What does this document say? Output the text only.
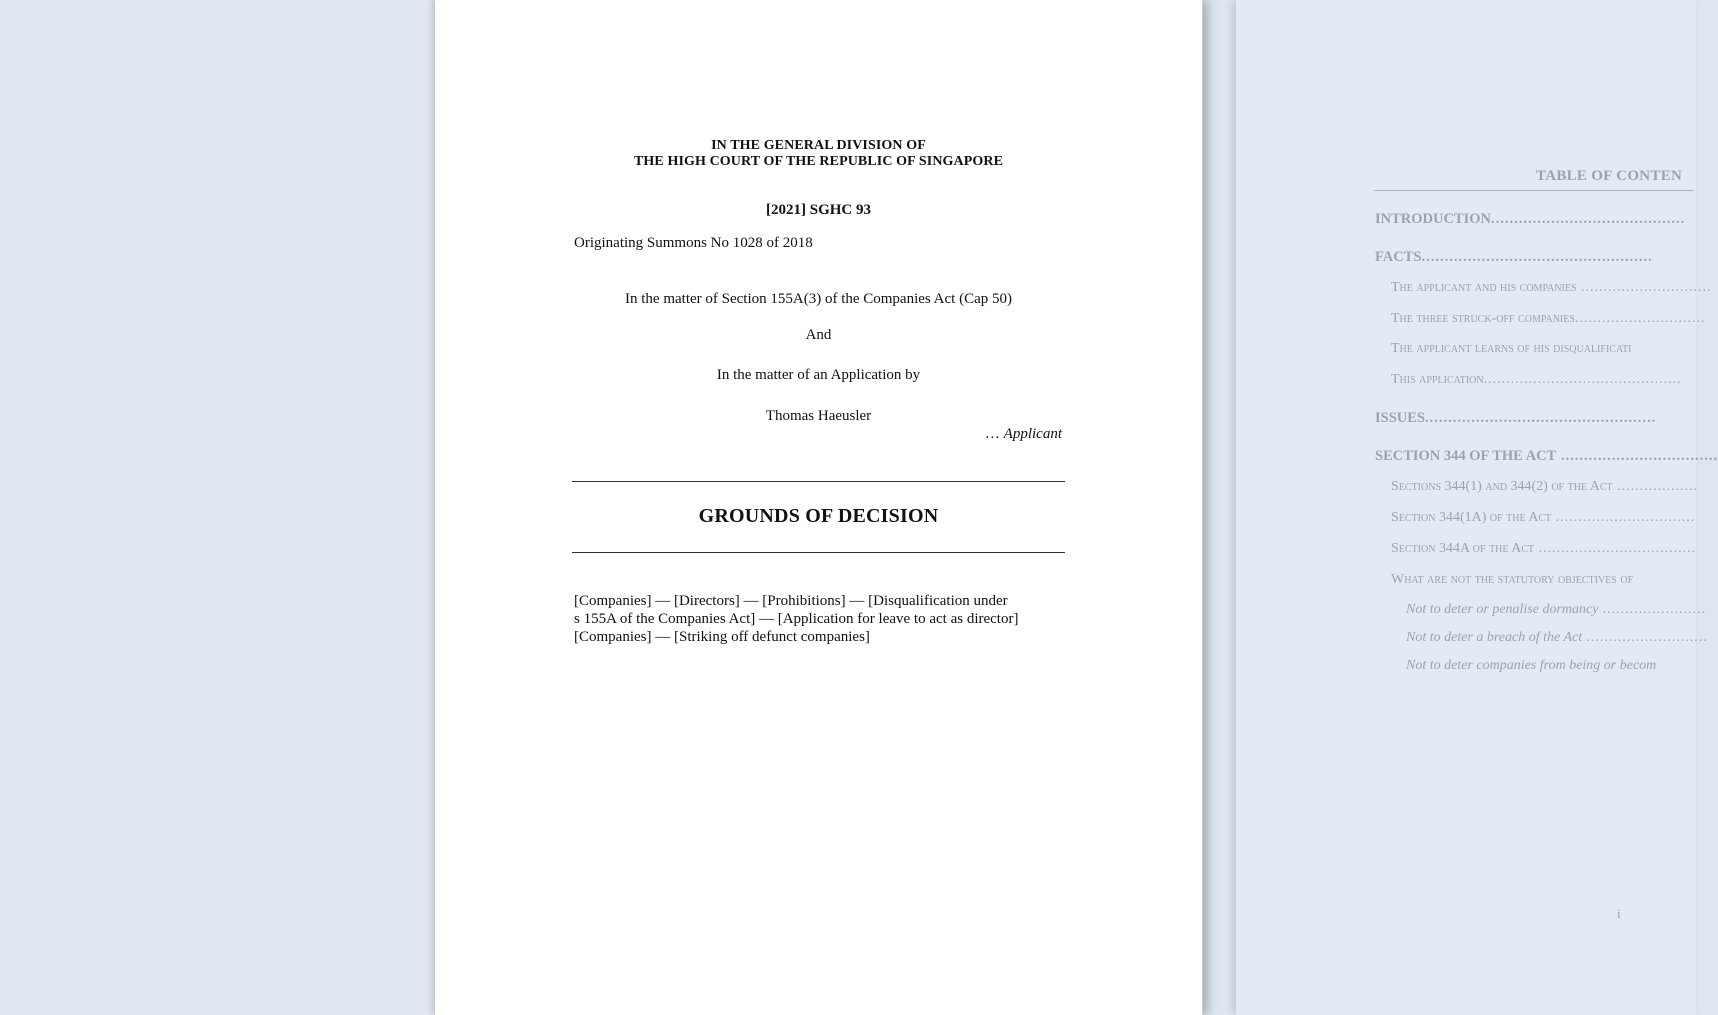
IN THE GENERAL DIVISION OF
THE HIGH COURT OF THE REPUBLIC OF SINGAPORE
[2021] SGHC 93
Originating Summons No 1028 of 2018
In the matter of Section 155A(3) of the Companies Act (Cap 50)
And
In the matter of an Application by
Thomas Haeusler
… Applicant
GROUNDS OF DECISION
[Companies] — [Directors] — [Prohibitions] — [Disqualification under
s 155A of the Companies Act] — [Application for leave to act as director]
[Companies] — [Striking off defunct companies]
TABLE OF CONTEN
INTRODUCTION..........................................
FACTS..................................................
The applicant and his companies .............................
The three struck-off companies.............................
The applicant learns of his disqualificati
This application............................................
ISSUES..................................................
SECTION 344 OF THE ACT ..................................
Sections 344(1) and 344(2) of the Act ..................
Section 344(1A) of the Act ...............................
Section 344A of the Act ...................................
What are not the statutory objectives of
Not to deter or penalise dormancy .......................
Not to deter a breach of the Act ...........................
Not to deter companies from being or becom
i
